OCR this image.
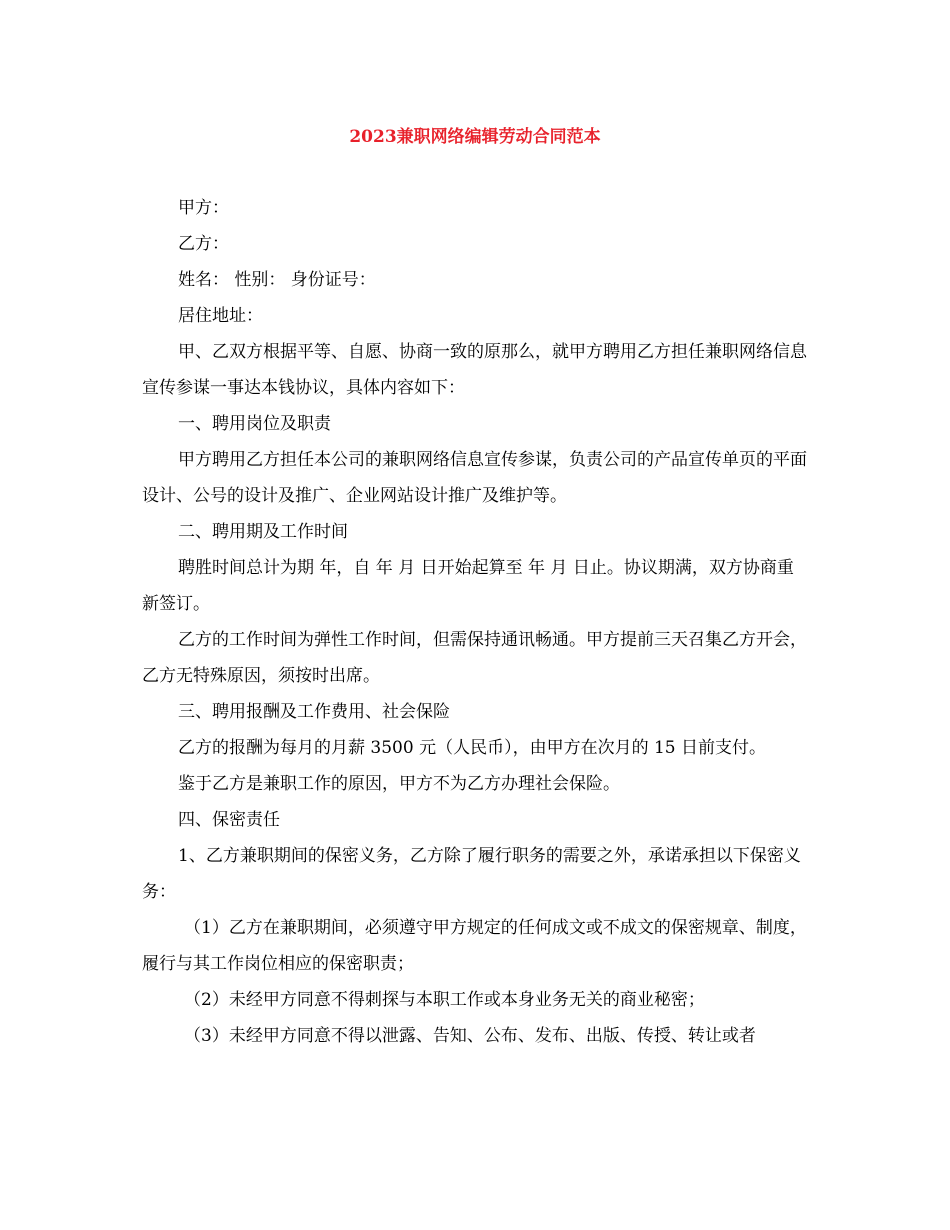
2023兼职网络编辑劳动合同范本

甲方：

乙方：

姓名： 性别： 身份证号：

居住地址：

甲、乙双方根据平等、自愿、协商一致的原那么，就甲方聘用乙方担任兼职网络信息宣传参谋一事达本钱协议，具体内容如下：

一、聘用岗位及职责

甲方聘用乙方担任本公司的兼职网络信息宣传参谋，负责公司的产品宣传单页的平面设计、公号的设计及推广、企业网站设计推广及维护等。

二、聘用期及工作时间

聘胜时间总计为期 年，自 年 月 日开始起算至 年 月 日止。协议期满，双方协商重新签订。

乙方的工作时间为弹性工作时间，但需保持通讯畅通。甲方提前三天召集乙方开会，乙方无特殊原因，须按时出席。

三、聘用报酬及工作费用、社会保险

乙方的报酬为每月的月薪 3500 元（人民币），由甲方在次月的 15 日前支付。

鉴于乙方是兼职工作的原因，甲方不为乙方办理社会保险。

四、保密责任

1、乙方兼职期间的保密义务，乙方除了履行职务的需要之外，承诺承担以下保密义务：

（1）乙方在兼职期间，必须遵守甲方规定的任何成文或不成文的保密规章、制度，履行与其工作岗位相应的保密职责；

（2）未经甲方同意不得刺探与本职工作或本身业务无关的商业秘密；

（3）未经甲方同意不得以泄露、告知、公布、发布、出版、传授、转让或者
